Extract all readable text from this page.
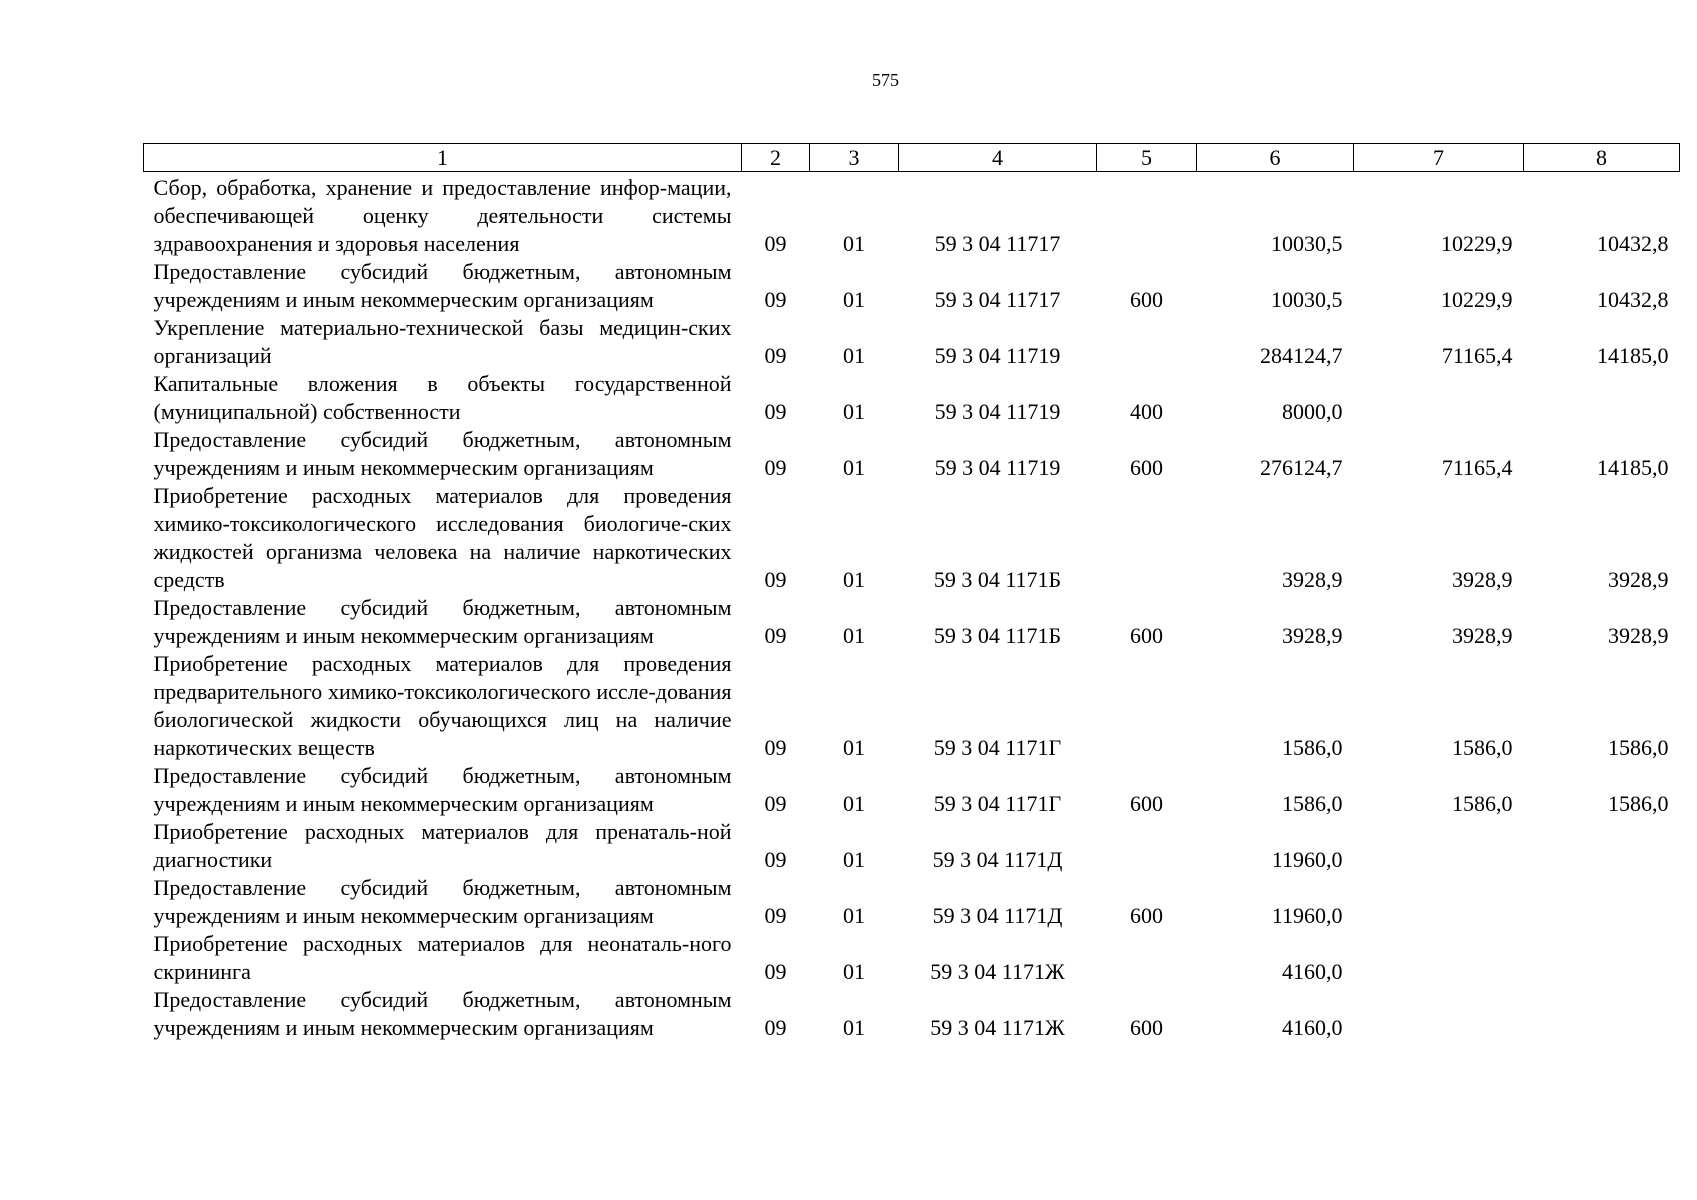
575
1	2	3	4	5	6	7	8
Сбор, обработка, хранение и предоставление инфор-мации, обеспечивающей оценку деятельности системы здравоохранения и здоровья населения	09	01	59 3 04 11717		10030,5	10229,9	10432,8
Предоставление субсидий бюджетным, автономным учреждениям и иным некоммерческим организациям	09	01	59 3 04 11717	600	10030,5	10229,9	10432,8
Укрепление материально-технической базы медицин-ских организаций	09	01	59 3 04 11719		284124,7	71165,4	14185,0
Капитальные вложения в объекты государственной (муниципальной) собственности	09	01	59 3 04 11719	400	8000,0		
Предоставление субсидий бюджетным, автономным учреждениям и иным некоммерческим организациям	09	01	59 3 04 11719	600	276124,7	71165,4	14185,0
Приобретение расходных материалов для проведения химико-токсикологического исследования биологиче-ских жидкостей организма человека на наличие наркотических средств	09	01	59 3 04 1171Б		3928,9	3928,9	3928,9
Предоставление субсидий бюджетным, автономным учреждениям и иным некоммерческим организациям	09	01	59 3 04 1171Б	600	3928,9	3928,9	3928,9
Приобретение расходных материалов для проведения предварительного химико-токсикологического иссле-дования биологической жидкости обучающихся лиц на наличие наркотических веществ	09	01	59 3 04 1171Г		1586,0	1586,0	1586,0
Предоставление субсидий бюджетным, автономным учреждениям и иным некоммерческим организациям	09	01	59 3 04 1171Г	600	1586,0	1586,0	1586,0
Приобретение расходных материалов для пренаталь-ной диагностики	09	01	59 3 04 1171Д		11960,0		
Предоставление субсидий бюджетным, автономным учреждениям и иным некоммерческим организациям	09	01	59 3 04 1171Д	600	11960,0		
Приобретение расходных материалов для неонаталь-ного скрининга	09	01	59 3 04 1171Ж		4160,0		
Предоставление субсидий бюджетным, автономным учреждениям и иным некоммерческим организациям	09	01	59 3 04 1171Ж	600	4160,0		
